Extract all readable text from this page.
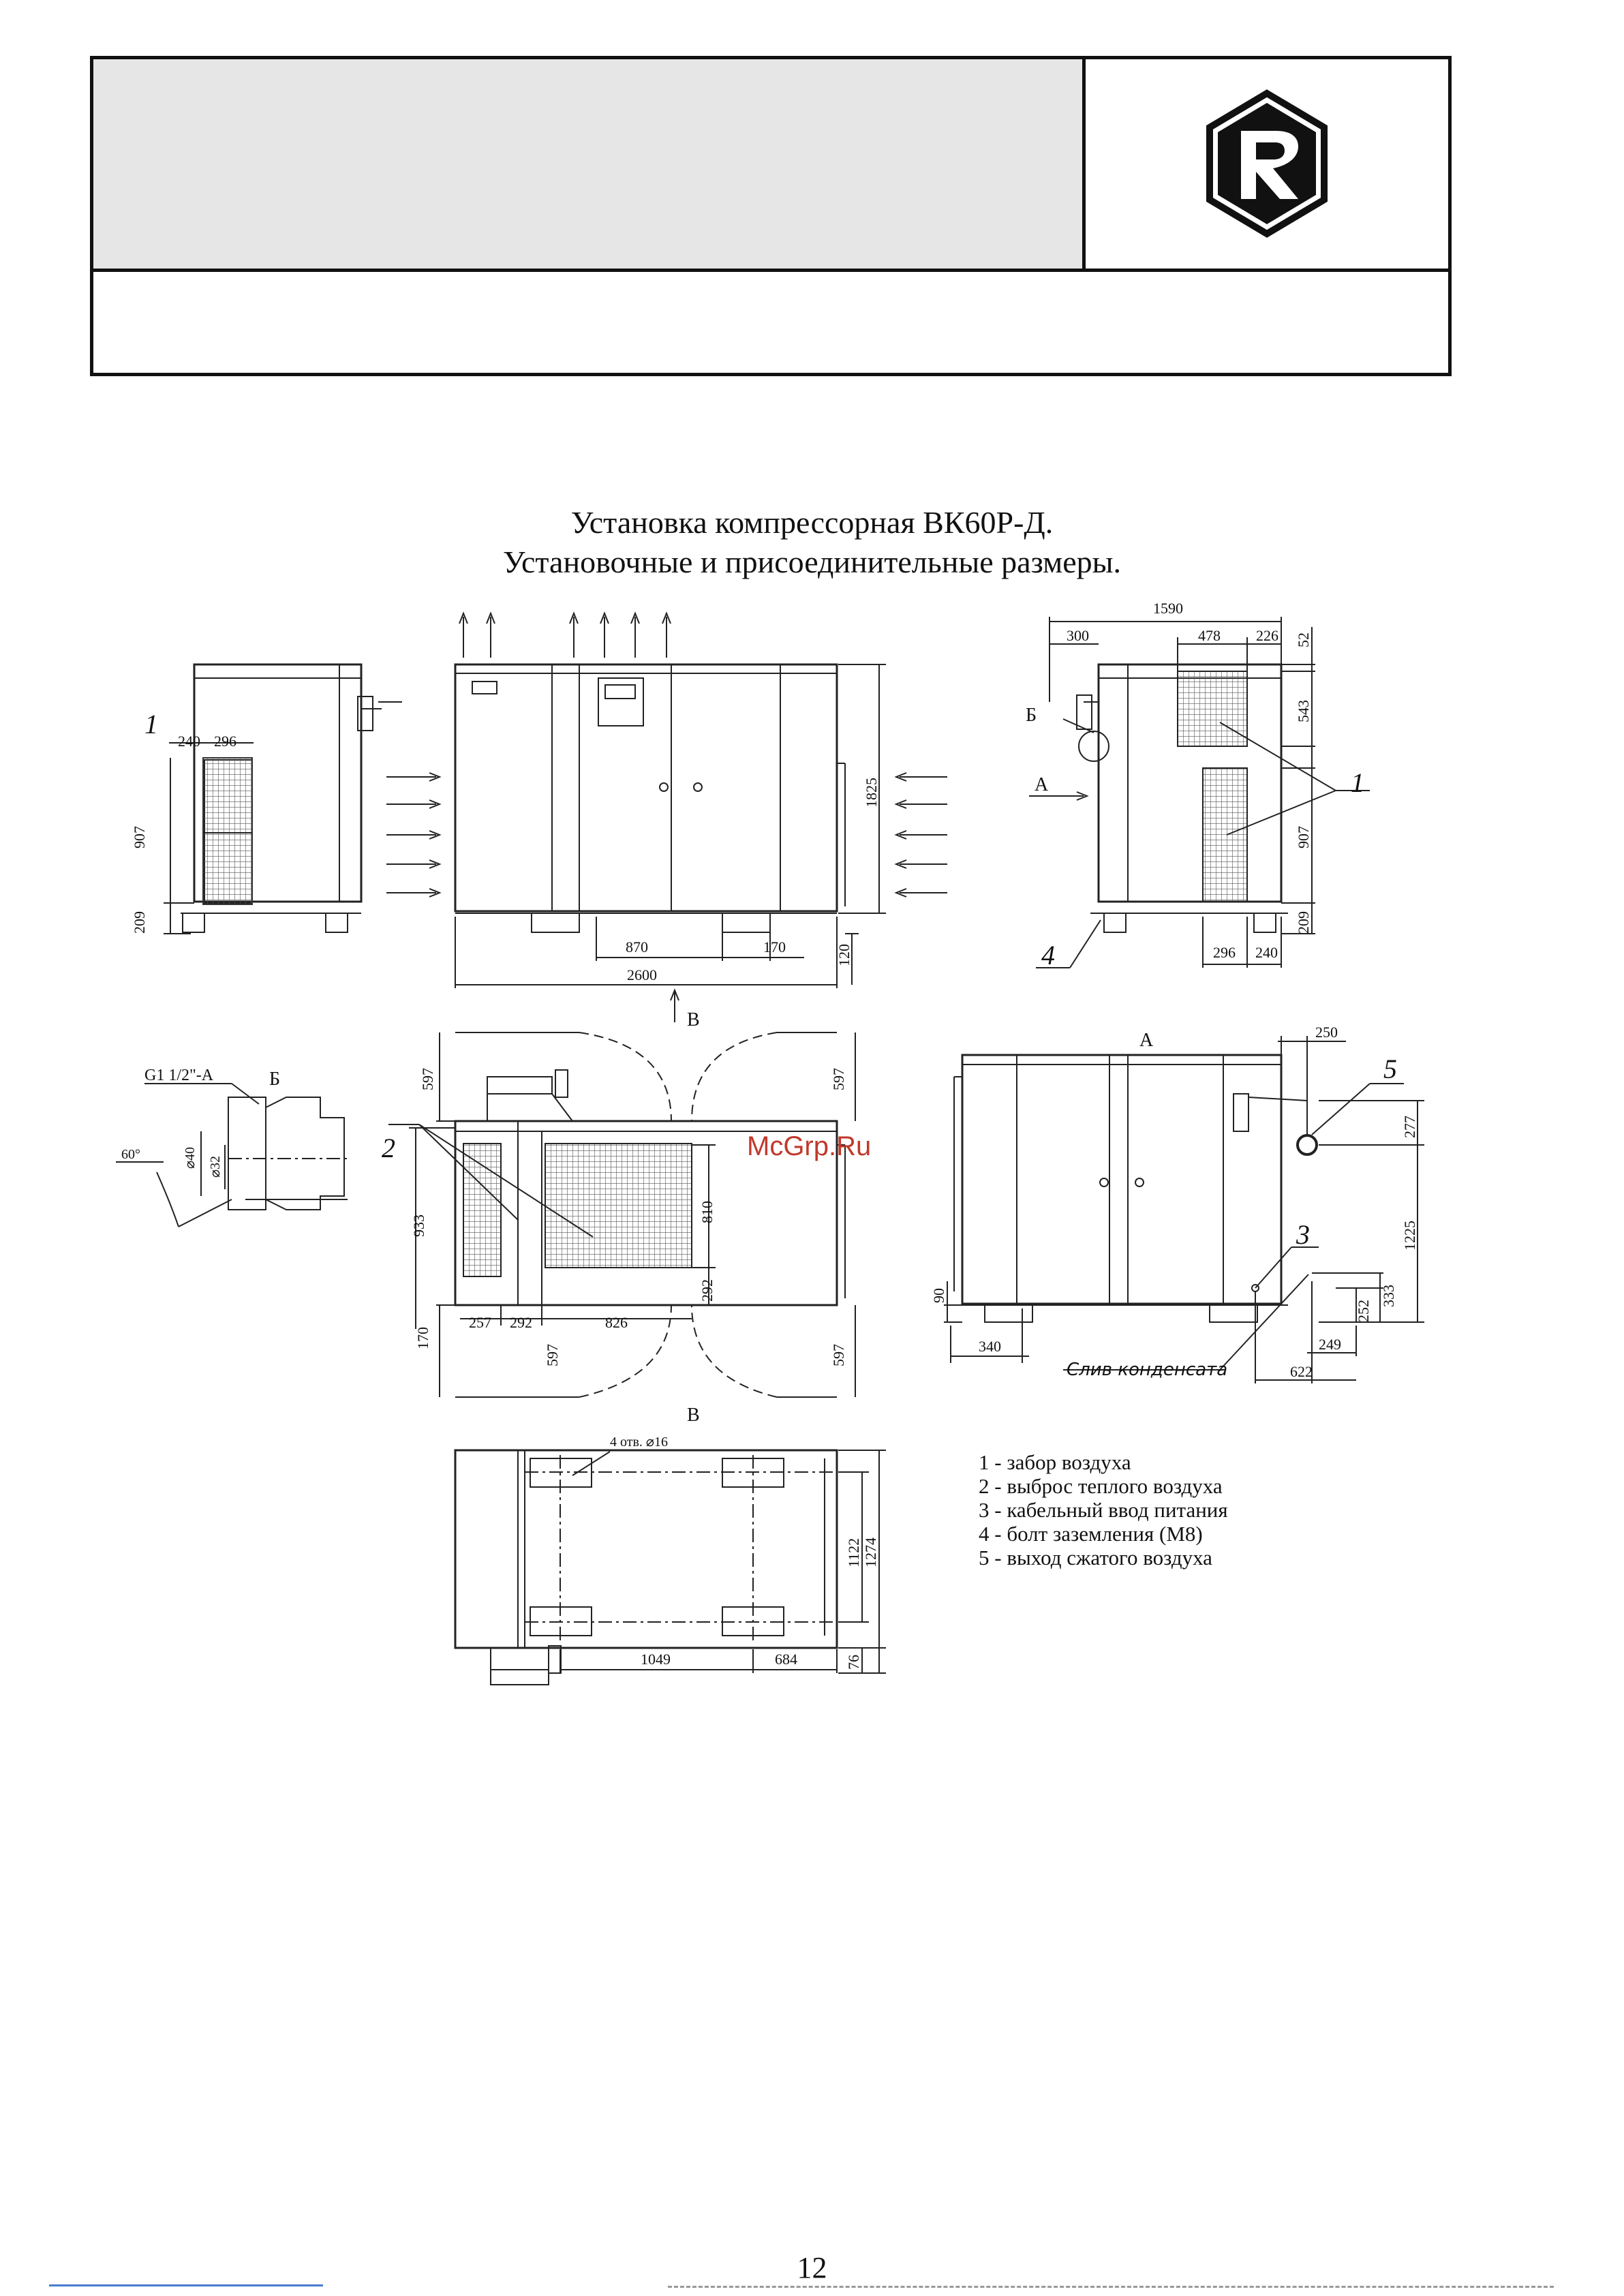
Установка компрессорная ВК60Р-Д.
Установочные и присоединительные размеры.
240 296
1
907
209
1825
870	170
2600
120
В
1590
300	478 226 52
543
907
209
296 240
Б
А	1
4
G1 1/2"-A	Б
60°	⌀40 ⌀32
597	597
597	597
933
810
292
170
257 292	826
2
А	250
277
1225
90
252
333
340	249
622
3
5
Слив конденсата
4 отв. ⌀16
В
1122 1274
1049	684	76
McGrp.Ru
1 - забор воздуха
2 - выброс теплого воздуха
3 - кабельный ввод питания
4 - болт заземления (М8)
5 - выход сжатого воздуха
12
